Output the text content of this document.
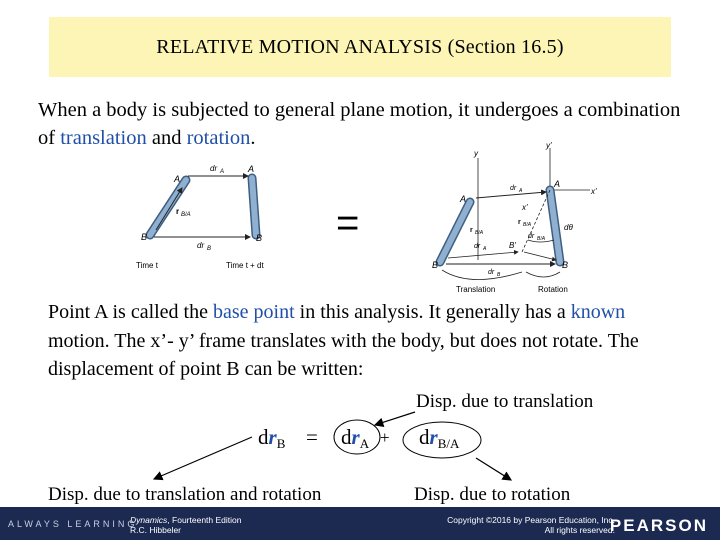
RELATIVE MOTION ANALYSIS (Section 16.5)
When a body is subjected to general plane motion, it undergoes a combination of translation and rotation.
A
B
A
B
dr A
r B/A
dr B
Time t	Time t + dt
=
y
y'
x'
x'
A
A
B	B
B'
dr A
r B/A
r B/A
dr A
dr B/A
dθ
dr B
Translation	Rotation
Point A is called the base point in this analysis. It generally has a known motion. The x’- y’ frame translates with the body, but does not rotate. The displacement of point B can be written:
Disp. due to translation
$dr_B = dr_A + dr_{B/A}$
Disp. due to translation and rotation	Disp. due to rotation
ALWAYS LEARNING
Dynamics, Fourteenth Edition
R.C. Hibbeler
Copyright ©2016 by Pearson Education, Inc.
All rights reserved.
PEARSON
